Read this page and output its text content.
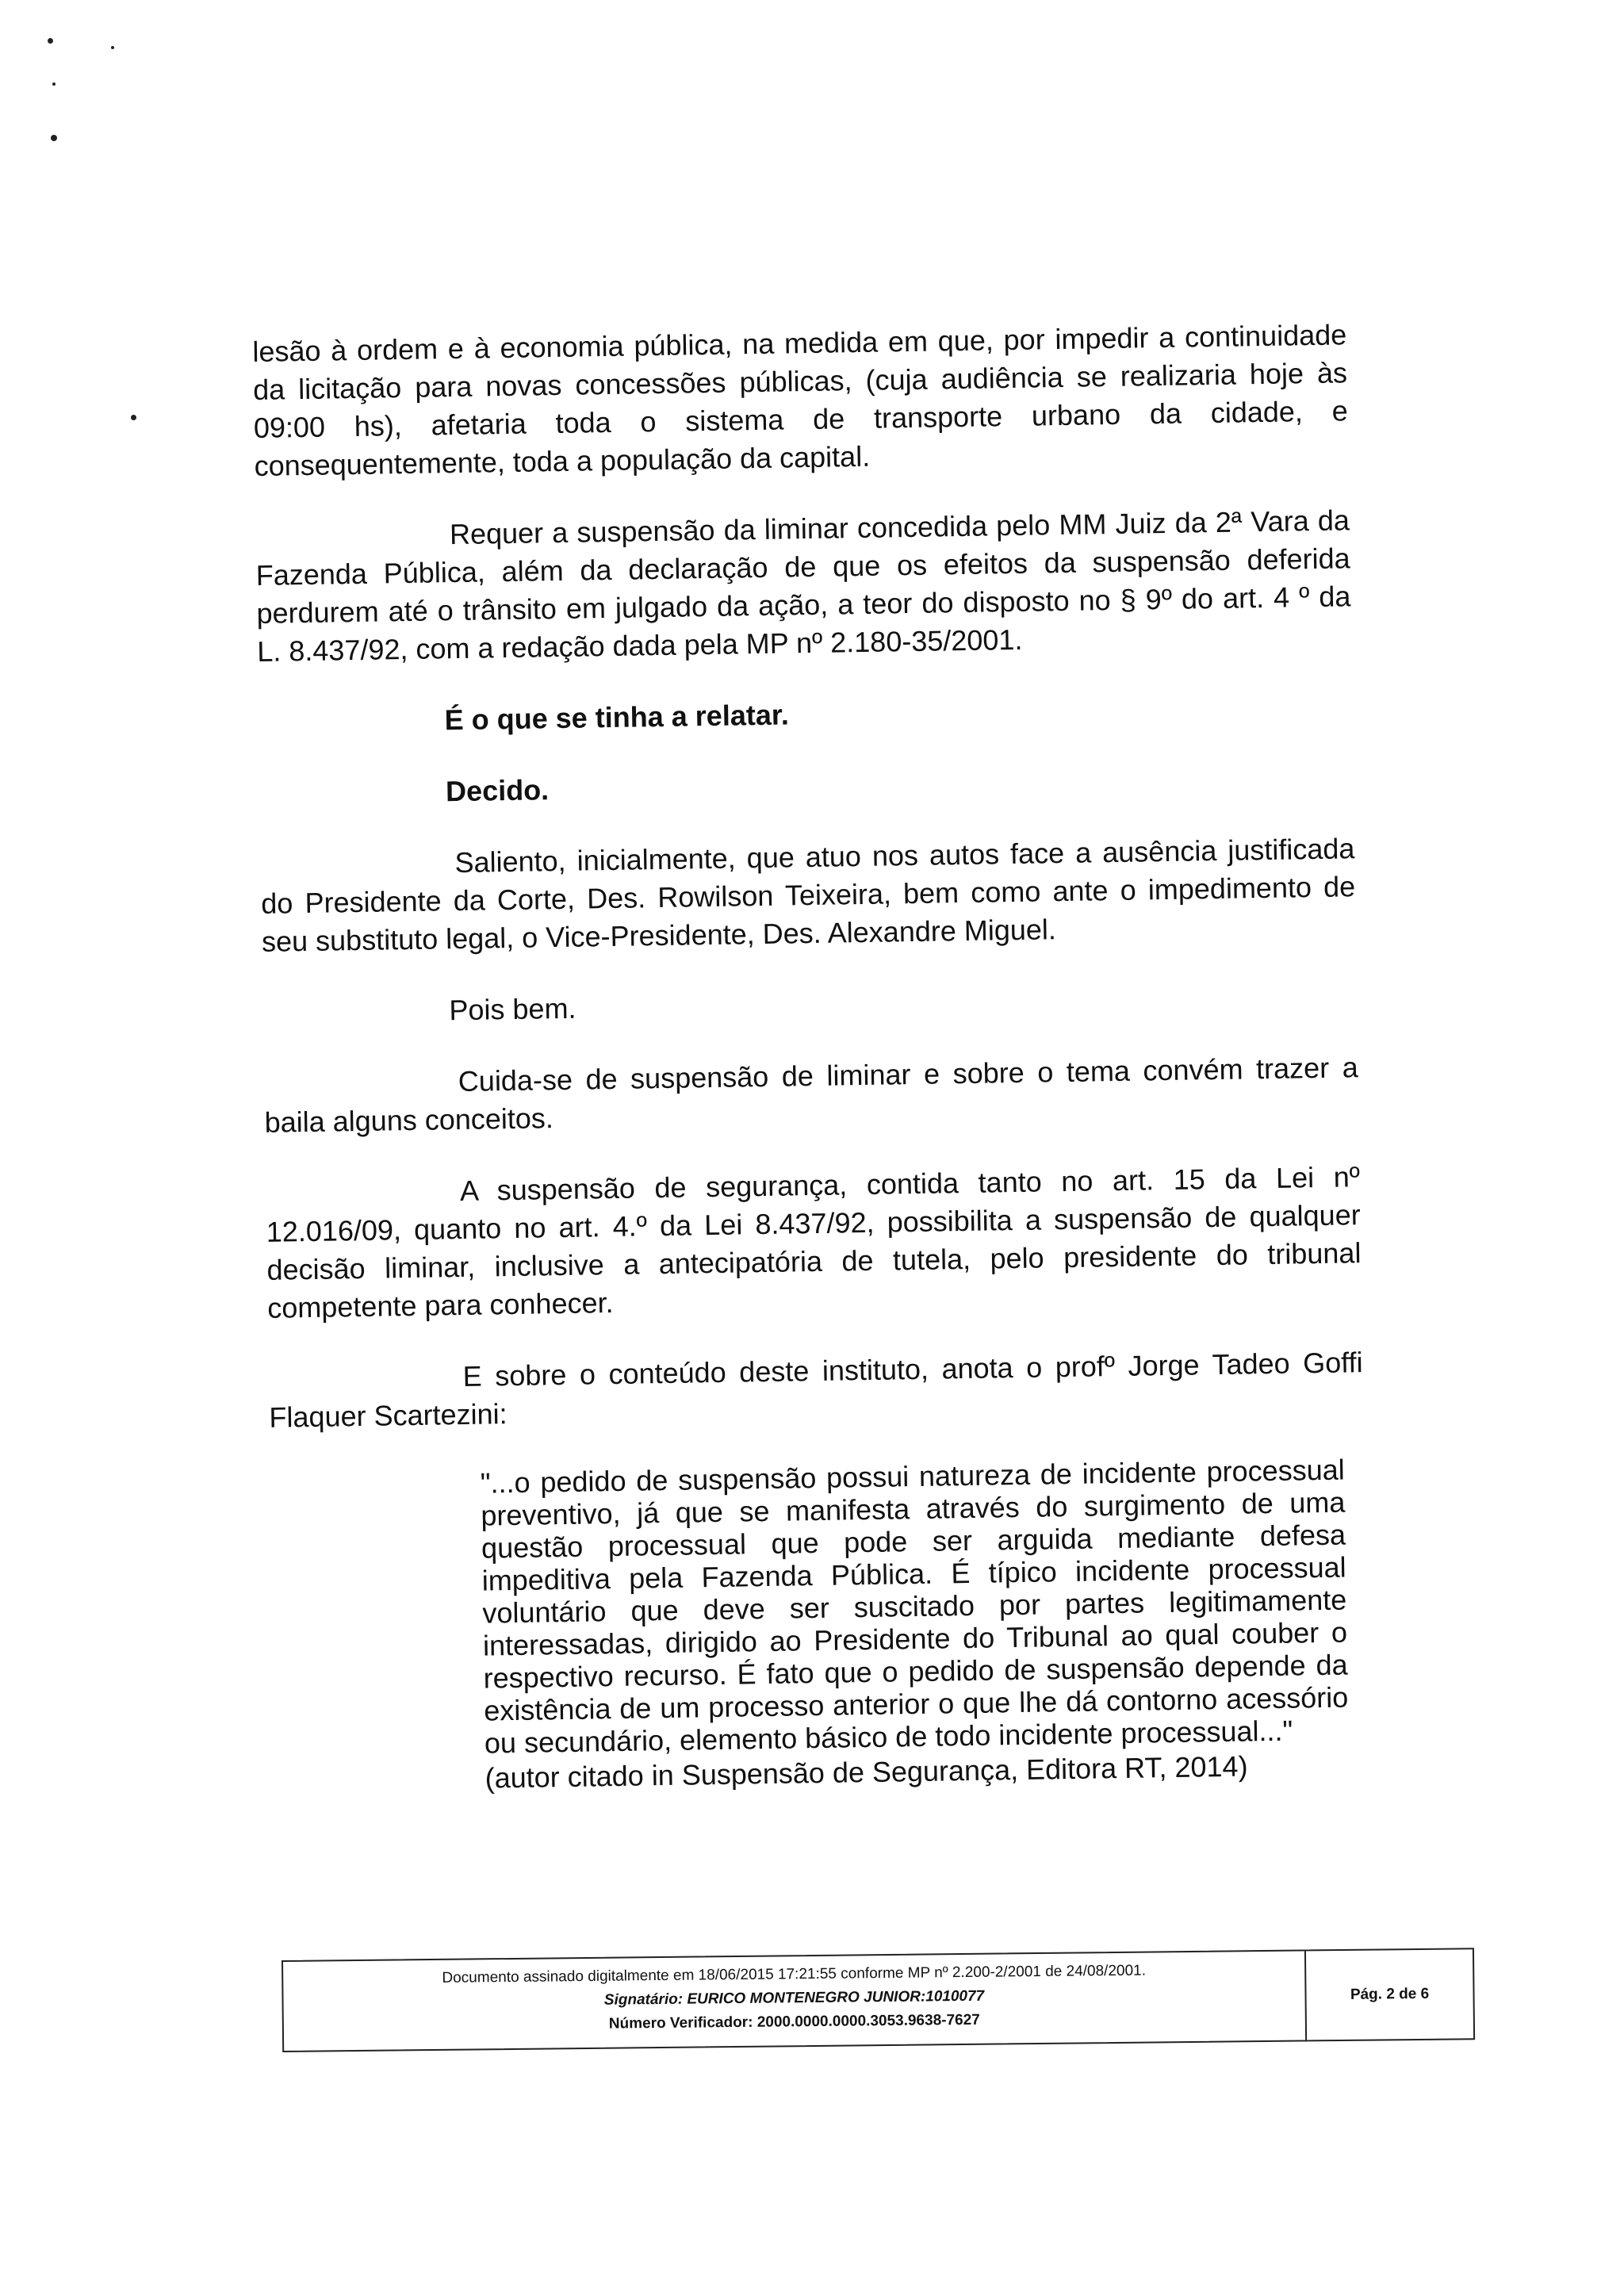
lesão à ordem e à economia pública, na medida em que, por impedir a continuidade da licitação para novas concessões públicas, (cuja audiência se realizaria hoje às 09:00 hs), afetaria toda o sistema de transporte urbano da cidade, e consequentemente, toda a população da capital.

Requer a suspensão da liminar concedida pelo MM Juiz da 2ª Vara da Fazenda Pública, além da declaração de que os efeitos da suspensão deferida perdurem até o trânsito em julgado da ação, a teor do disposto no § 9º do art. 4 º da L. 8.437/92, com a redação dada pela MP nº 2.180-35/2001.

É o que se tinha a relatar.

Decido.

Saliento, inicialmente, que atuo nos autos face a ausência justificada do Presidente da Corte, Des. Rowilson Teixeira, bem como ante o impedimento de seu substituto legal, o Vice-Presidente, Des. Alexandre Miguel.

Pois bem.

Cuida-se de suspensão de liminar e sobre o tema convém trazer a baila alguns conceitos.

A suspensão de segurança, contida tanto no art. 15 da Lei nº 12.016/09, quanto no art. 4.º da Lei 8.437/92, possibilita a suspensão de qualquer decisão liminar, inclusive a antecipatória de tutela, pelo presidente do tribunal competente para conhecer.

E sobre o conteúdo deste instituto, anota o profº Jorge Tadeo Goffi Flaquer Scartezini:

"...o pedido de suspensão possui natureza de incidente processual preventivo, já que se manifesta através do surgimento de uma questão processual que pode ser arguida mediante defesa impeditiva pela Fazenda Pública. É típico incidente processual voluntário que deve ser suscitado por partes legitimamente interessadas, dirigido ao Presidente do Tribunal ao qual couber o respectivo recurso. É fato que o pedido de suspensão depende da existência de um processo anterior o que lhe dá contorno acessório ou secundário, elemento básico de todo incidente processual..."

(autor citado in Suspensão de Segurança, Editora RT, 2014)

Documento assinado digitalmente em 18/06/2015 17:21:55 conforme MP nº 2.200-2/2001 de 24/08/2001.
Signatário: EURICO MONTENEGRO JUNIOR:1010077
Número Verificador: 2000.0000.0000.3053.9638-7627
Pág. 2 de 6
